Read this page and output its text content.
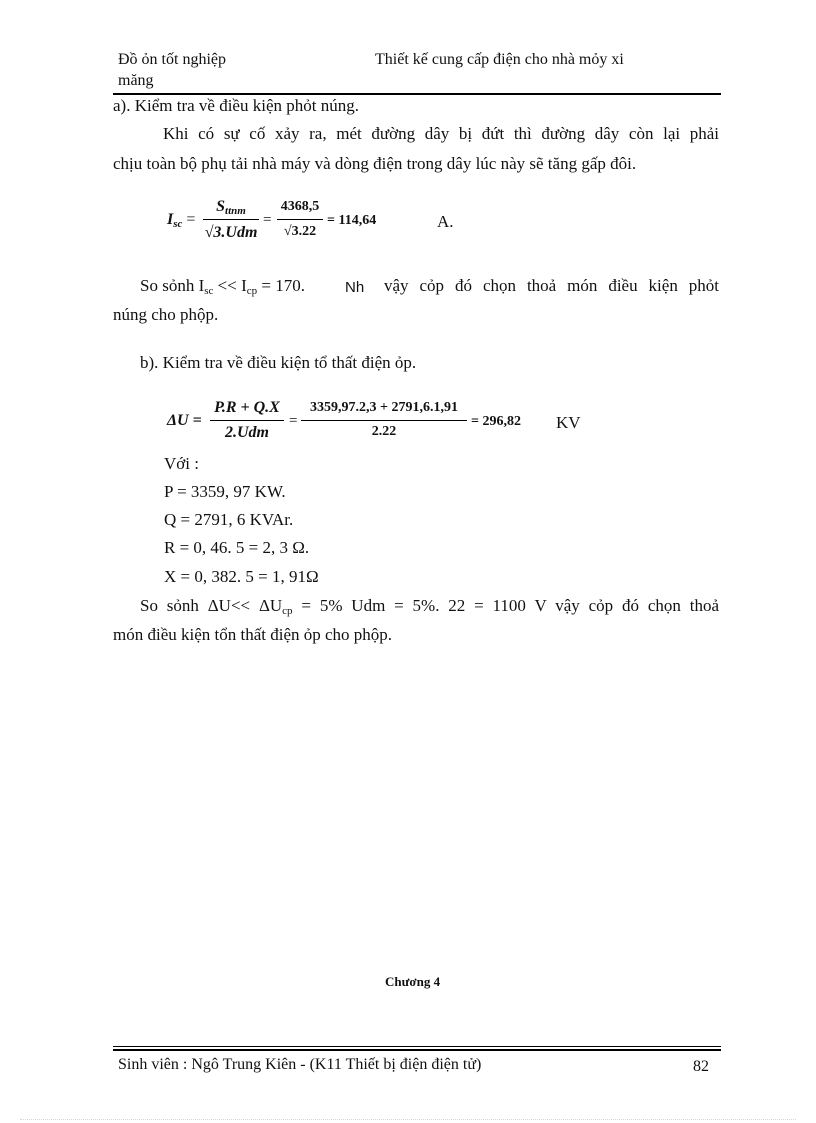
Đồ ỏn tốt nghiệp	Thiết kế cung cấp điện cho nhà mỏy xi
măng
a). Kiểm tra về điều kiện phỏt núng.
Khi có sự cố xảy ra, mét đường dây bị đứt thì đường dây còn lại phải
chịu toàn bộ phụ tải nhà máy và dòng điện trong dây lúc này sẽ tăng gấp đôi.
$I_{sc}$ =
$S_{ttnm}$
√3.Udm
=
4368,5
√3.22
= 114,64	A.
So sỏnh $I_{sc} << I_{cp} = 170$.	Nh vậy cỏp đó chọn thoả món điều kiện phỏt
núng cho phộp.
b). Kiểm tra về điều kiện tổ thất điện ỏp.
ΔU =
P.R + Q.X
2.Udm
=
3359,97.2,3 + 2791,6.1,91
2.22
= 296,82 KV
Với :
P = 3359, 97 KW.
Q = 2791, 6 KVAr.
R = 0, 46. 5 = 2, 3 Ω.
X = 0, 382. 5 = 1, 91Ω
So sỏnh $\Delta U<< \Delta U_{cp} = 5\%$ Udm = 5%. 22 = 1100 V vậy cỏp đó chọn thoả
món điều kiện tổn thất điện ỏp cho phộp.
Chương 4
Sinh viên : Ngô Trung Kiên - (K11 Thiết bị điện điện tử)	82
